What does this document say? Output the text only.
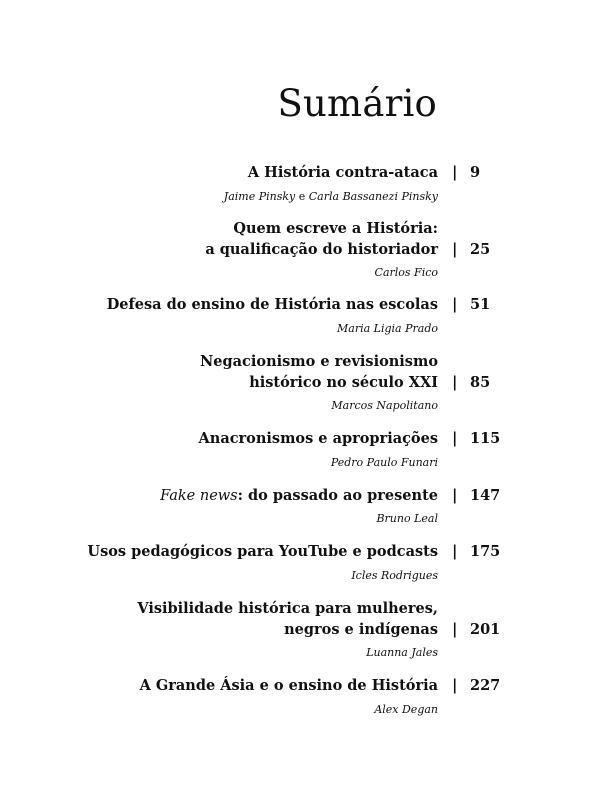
Sumário
A História contra-ataca | 9
Jaime Pinsky e Carla Bassanezi Pinsky
Quem escreve a História:
a qualificação do historiador | 25
Carlos Fico
Defesa do ensino de História nas escolas | 51
Maria Ligia Prado
Negacionismo e revisionismo
histórico no século XXI | 85
Marcos Napolitano
Anacronismos e apropriações | 115
Pedro Paulo Funari
Fake news: do passado ao presente | 147
Bruno Leal
Usos pedagógicos para YouTube e podcasts | 175
Icles Rodrigues
Visibilidade histórica para mulheres,
negros e indígenas | 201
Luanna Jales
A Grande Ásia e o ensino de História | 227
Alex Degan
